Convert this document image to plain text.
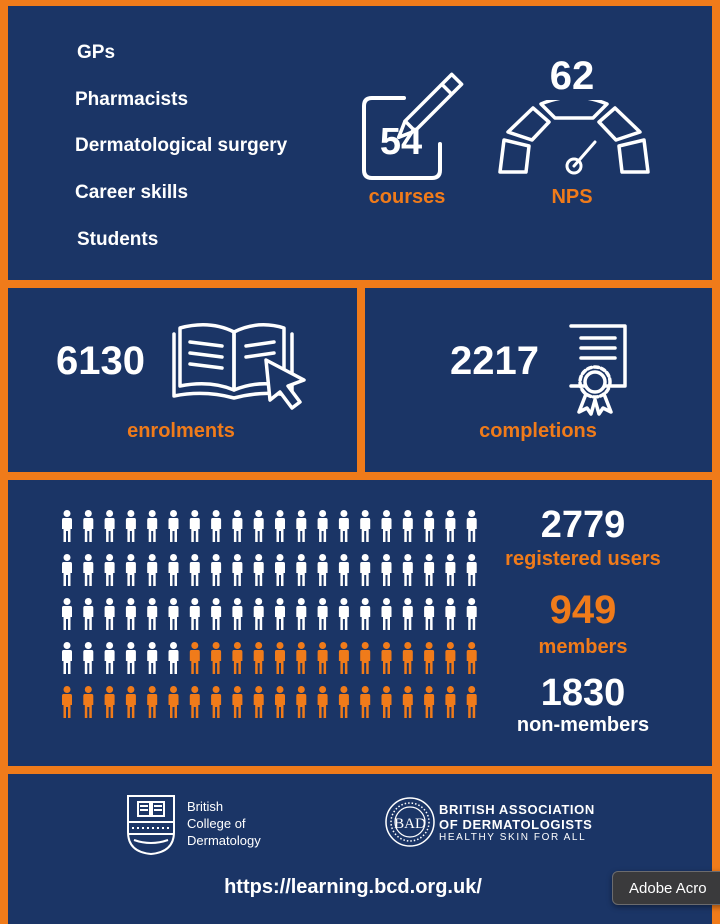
GPs
Pharmacists
Dermatological surgery
Career skills
Students
54
courses
62
NPS
6130
enrolments
2217
completions
2779
registered users
949
members
1830
non-members
British
College of
Dermatology
BAD
BRITISH ASSOCIATION
OF DERMATOLOGISTS
HEALTHY SKIN FOR ALL
https://learning.bcd.org.uk/	Adobe Acro
